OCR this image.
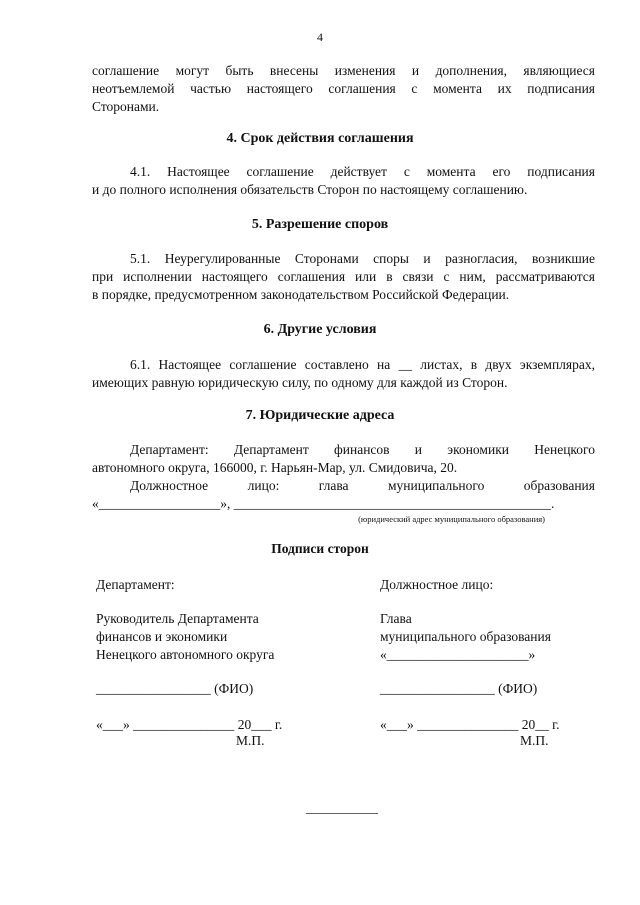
4
соглашение могут быть внесены изменения и дополнения, являющиеся
неотъемлемой частью настоящего соглашения с момента их подписания
Сторонами.
4. Срок действия соглашения
4.1. Настоящее соглашение действует с момента его подписания
и до полного исполнения обязательств Сторон по настоящему соглашению.
5. Разрешение споров
5.1. Неурегулированные Сторонами споры и разногласия, возникшие
при исполнении настоящего соглашения или в связи с ним, рассматриваются
в порядке, предусмотренном законодательством Российской Федерации.
6. Другие условия
6.1. Настоящее соглашение составлено на __ листах, в двух экземплярах,
имеющих равную юридическую силу, по одному для каждой из Сторон.
7. Юридические адреса
Департамент: Департамент финансов и экономики Ненецкого
автономного округа, 166000, г. Нарьян-Мар, ул. Смидовича, 20.
Должностное лицо: глава муниципального образования
«__________________», _______________________________________________.
(юридический адрес муниципального образования)
Подписи сторон
Департамент:
Руководитель Департамента
финансов и экономики
Ненецкого автономного округа
_________________ (ФИО)
«___» _______________ 20___ г.
М.П.
Должностное лицо:
Глава
муниципального образования
«_____________________»
_________________ (ФИО)
«___» _______________ 20__ г.
М.П.
